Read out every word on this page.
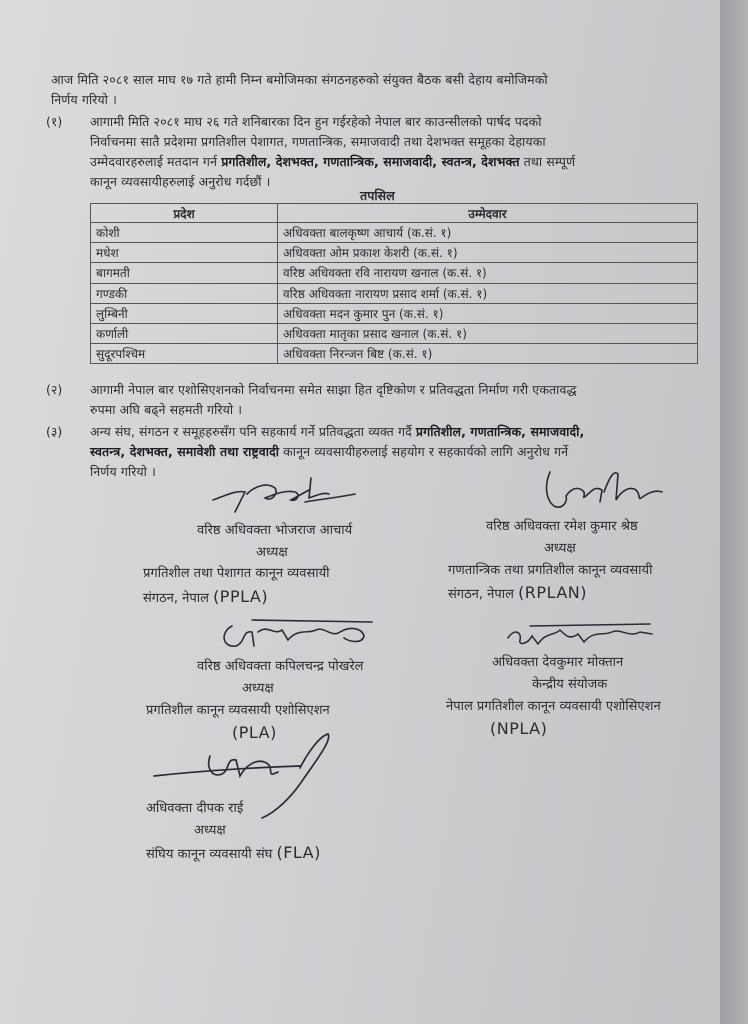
आज मिति २०८१ साल माघ १७ गते हामी निम्न बमोजिमका संगठनहरुको संयुक्त बैठक बसी देहाय बमोजिमको
निर्णय गरियो ।
(१) आगामी मिति २०८१ माघ २६ गते शनिबारका दिन हुन गईरहेको नेपाल बार काउन्सीलको पार्षद पदको
निर्वाचनमा सातै प्रदेशमा प्रगतिशील पेशागत, गणतान्त्रिक, समाजवादी तथा देशभक्त समूहका देहायका
उम्मेदवारहरुलाई मतदान गर्न प्रगतिशील, देशभक्त, गणतान्त्रिक, समाजवादी, स्वतन्त्र, देशभक्त तथा सम्पूर्ण
कानून व्यवसायीहरुलाई अनुरोध गर्दछौं ।
तपसिल
प्रदेश	उम्मेदवार
कोशी	अधिवक्ता बालकृष्ण आचार्य (क.सं. १)
मधेश	अधिवक्ता ओम प्रकाश केशरी (क.सं. १)
बागमती	वरिष्ठ अधिवक्ता रवि नारायण खनाल (क.सं. १)
गण्डकी	वरिष्ठ अधिवक्ता नारायण प्रसाद शर्मा (क.सं. १)
लुम्बिनी	अधिवक्ता मदन कुमार पुन (क.सं. १)
कर्णाली	अधिवक्ता मातृका प्रसाद खनाल (क.सं. १)
सुदूरपश्चिम	अधिवक्ता निरन्जन बिष्ट (क.सं. १)
(२) आगामी नेपाल बार एशोसिएशनको निर्वाचनमा समेत साझा हित दृष्टिकोण र प्रतिवद्धता निर्माण गरी एकतावद्ध
रुपमा अघि बढ्ने सहमती गरियो ।
(३) अन्य संघ, संगठन र समूहहरुसँग पनि सहकार्य गर्ने प्रतिवद्धता व्यक्त गर्दै प्रगतिशील, गणतान्त्रिक, समाजवादी,
स्वतन्त्र, देशभक्त, समावेशी तथा राष्ट्रवादी कानून व्यवसायीहरुलाई सहयोग र सहकार्यको लागि अनुरोध गर्ने
निर्णय गरियो ।
वरिष्ठ अधिवक्ता भोजराज आचार्य
अध्यक्ष
प्रगतिशील तथा पेशागत कानून व्यवसायी
संगठन, नेपाल (PPLA)
वरिष्ठ अधिवक्ता रमेश कुमार श्रेष्ठ
अध्यक्ष
गणतान्त्रिक तथा प्रगतिशील कानून व्यवसायी
संगठन, नेपाल (RPLAN)
वरिष्ठ अधिवक्ता कपिलचन्द्र पोखरेल
अध्यक्ष
प्रगतिशील कानून व्यवसायी एशोसिएशन
(PLA)
अधिवक्ता देवकुमार मोक्तान
केन्द्रीय संयोजक
नेपाल प्रगतिशील कानून व्यवसायी एशोसिएशन
(NPLA)
अधिवक्ता दीपक राई
अध्यक्ष
संघिय कानून व्यवसायी संघ (FLA)
